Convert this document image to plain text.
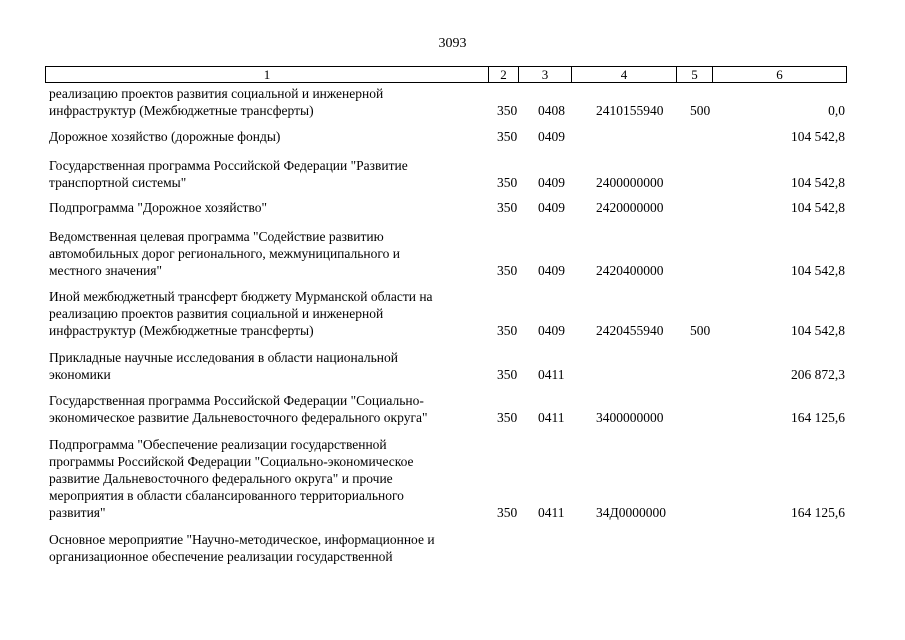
3093
1	2	3	4	5	6
реализацию проектов развития социальной и инженерной
инфраструктур (Межбюджетные трансферты)	350 0408 2410155940 500	0,0
Дорожное хозяйство (дорожные фонды)	350 0409	104 542,8
Государственная программа Российской Федерации "Развитие
транспортной системы"	350 0409 2400000000	104 542,8
Подпрограмма "Дорожное хозяйство"	350 0409 2420000000	104 542,8
Ведомственная целевая программа "Содействие развитию
автомобильных дорог регионального, межмуниципального и
местного значения"	350 0409 2420400000	104 542,8
Иной межбюджетный трансферт бюджету Мурманской области на
реализацию проектов развития социальной и инженерной
инфраструктур (Межбюджетные трансферты)	350 0409 2420455940 500	104 542,8
Прикладные научные исследования в области национальной
экономики	350 0411	206 872,3
Государственная программа Российской Федерации "Социально-
экономическое развитие Дальневосточного федерального округа"	350 0411 3400000000	164 125,6
Подпрограмма "Обеспечение реализации государственной
программы Российской Федерации "Социально-экономическое
развитие Дальневосточного федерального округа" и прочие
мероприятия в области сбалансированного территориального
развития"	350 0411 34Д0000000	164 125,6
Основное мероприятие "Научно-методическое, информационное и
организационное обеспечение реализации государственной
